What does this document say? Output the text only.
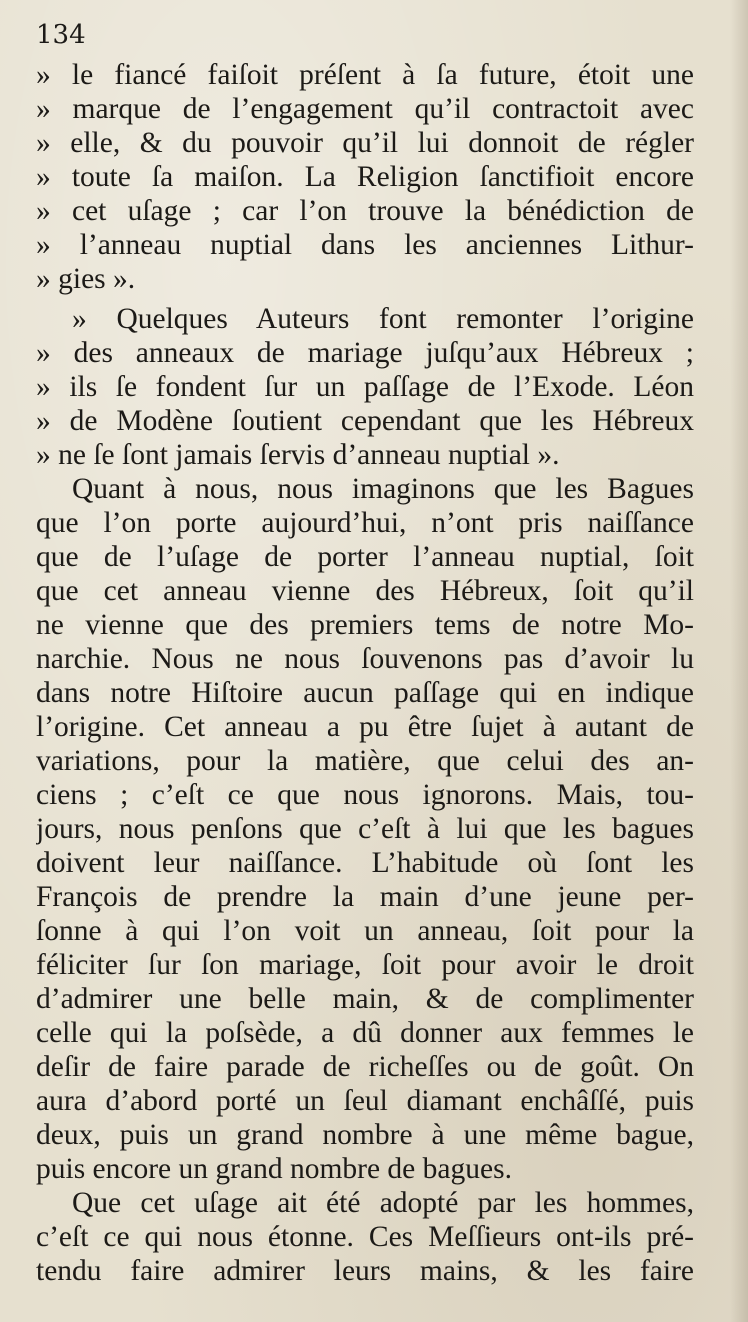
134

» le fiancé faiſoit préſent à ſa future, étoit une
» marque de l’engagement qu’il contractoit avec
» elle, & du pouvoir qu’il lui donnoit de régler
» toute ſa maiſon. La Religion ſanctifioit encore
» cet uſage ; car l’on trouve la bénédiction de
» l’anneau nuptial dans les anciennes Lithur-
» gies ».
» Quelques Auteurs font remonter l’origine
» des anneaux de mariage juſqu’aux Hébreux ;
» ils ſe fondent ſur un paſſage de l’Exode. Léon
» de Modène ſoutient cependant que les Hébreux
» ne ſe ſont jamais ſervis d’anneau nuptial ».
Quant à nous, nous imaginons que les Bagues
que l’on porte aujourd’hui, n’ont pris naiſſance
que de l’uſage de porter l’anneau nuptial, ſoit
que cet anneau vienne des Hébreux, ſoit qu’il
ne vienne que des premiers tems de notre Mo-
narchie. Nous ne nous ſouvenons pas d’avoir lu
dans notre Hiſtoire aucun paſſage qui en indique
l’origine. Cet anneau a pu être ſujet à autant de
variations, pour la matière, que celui des an-
ciens ; c’eſt ce que nous ignorons. Mais, tou-
jours, nous penſons que c’eſt à lui que les bagues
doivent leur naiſſance. L’habitude où ſont les
François de prendre la main d’une jeune per-
ſonne à qui l’on voit un anneau, ſoit pour la
féliciter ſur ſon mariage, ſoit pour avoir le droit
d’admirer une belle main, & de complimenter
celle qui la poſsède, a dû donner aux femmes le
deſir de faire parade de richeſſes ou de goût. On
aura d’abord porté un ſeul diamant enchâſſé, puis
deux, puis un grand nombre à une même bague,
puis encore un grand nombre de bagues.
Que cet uſage ait été adopté par les hommes,
c’eſt ce qui nous étonne. Ces Meſſieurs ont-ils pré-
tendu faire admirer leurs mains, & les faire
